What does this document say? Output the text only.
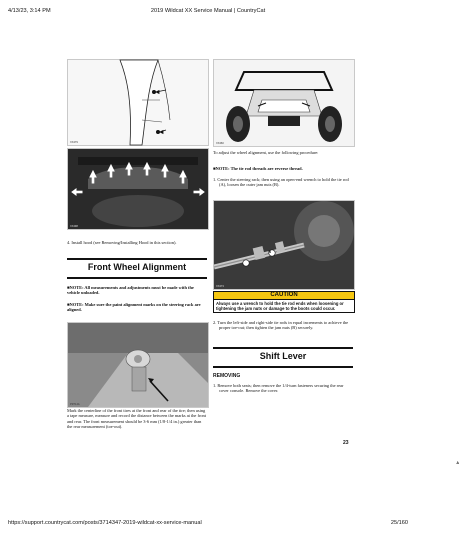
4/13/23, 3:14 PM	2019 Wildcat XX Service Manual | CountryCat
XX479
XX498
4. Install hood (see Removing/Installing Hood in this section).
Front Wheel Alignment
■NOTE: All measurements and adjustments must be made with the vehicle unloaded.
■NOTE: Make sure the paint alignment marks on the steering rack are aligned.
PR714A
Mark the centerline of the front tires at the front and rear of the tire; then using a tape measure, measure and record the distance between the marks at the front and rear. The front measurement should be 3-6 mm (1/8-1/4 in.) greater than the rear measurement (toe-out).
XX460
To adjust the wheel alignment, use the following procedure:
■NOTE: The tie rod threads are reverse thread.
1. Center the steering rack; then using an open-end wrench to hold the tie rod (A), loosen the outer jam nuts (B).
A
XX473
B
CAUTION
Always use a wrench to hold the tie rod ends when loosening or tightening the jam nuts or damage to the boots could occur.
2. Turn the left-side and right-side tie rods in equal increments to achieve the proper toe-out; then tighten the jam nuts (B) securely.
Shift Lever
REMOVING
1. Remove both seats; then remove the 1/4-turn fasteners securing the rear cover console. Remove the cover.
23
https://support.countrycat.com/posts/3714347-2019-wildcat-xx-service-manual	25/160
